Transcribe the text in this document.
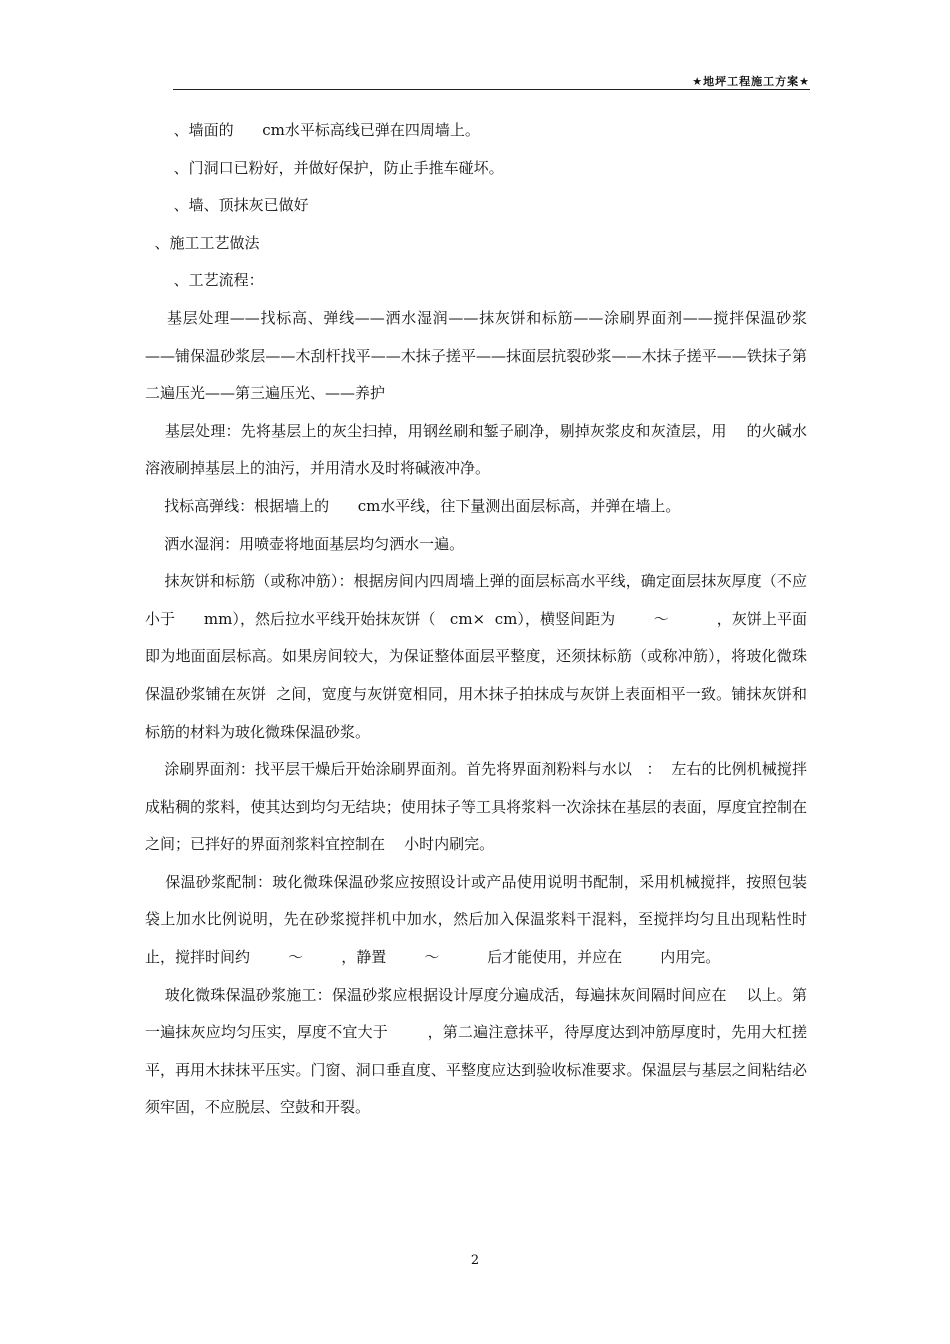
★地坪工程施工方案★

、墙面的      cm水平标高线已弹在四周墙上。

、门洞口已粉好，并做好保护，防止手推车碰坏。

、墙、顶抹灰已做好

、施工工艺做法

、工艺流程：

基层处理——找标高、弹线——洒水湿润——抹灰饼和标筋——涂刷界面剂——搅拌保温砂浆——铺保温砂浆层——木刮杆找平——木抹子搓平——抹面层抗裂砂浆——木抹子搓平——铁抹子第二遍压光——第三遍压光、——养护

基层处理：先将基层上的灰尘扫掉，用钢丝刷和錾子刷净，剔掉灰浆皮和灰渣层，用    的火碱水溶液刷掉基层上的油污，并用清水及时将碱液冲净。

找标高弹线：根据墙上的      cm水平线，往下量测出面层标高，并弹在墙上。

洒水湿润：用喷壶将地面基层均匀洒水一遍。

抹灰饼和标筋（或称冲筋）：根据房间内四周墙上弹的面层标高水平线，确定面层抹灰厚度（不应小于      mm），然后拉水平线开始抹灰饼（   cm×  cm），横竖间距为        ～          ，灰饼上平面即为地面面层标高。如果房间较大，为保证整体面层平整度，还须抹标筋（或称冲筋），将玻化微珠保温砂浆铺在灰饼  之间，宽度与灰饼宽相同，用木抹子拍抹成与灰饼上表面相平一致。铺抹灰饼和标筋的材料为玻化微珠保温砂浆。

涂刷界面剂：找平层干燥后开始涂刷界面剂。首先将界面剂粉料与水以   ：  左右的比例机械搅拌成粘稠的浆料，使其达到均匀无结块；使用抹子等工具将浆料一次涂抹在基层的表面，厚度宜控制在          之间；已拌好的界面剂浆料宜控制在    小时内刷完。

保温砂浆配制：玻化微珠保温砂浆应按照设计或产品使用说明书配制，采用机械搅拌，按照包装袋上加水比例说明，先在砂浆搅拌机中加水，然后加入保温浆料干混料，至搅拌均匀且出现粘性时止，搅拌时间约        ～        ，静置        ～          后才能使用，并应在        内用完。

玻化微珠保温砂浆施工：保温砂浆应根据设计厚度分遍成活，每遍抹灰间隔时间应在    以上。第一遍抹灰应均匀压实，厚度不宜大于        ，第二遍注意抹平，待厚度达到冲筋厚度时，先用大杠搓平，再用木抹抹平压实。门窗、洞口垂直度、平整度应达到验收标准要求。保温层与基层之间粘结必须牢固，不应脱层、空鼓和开裂。

2
